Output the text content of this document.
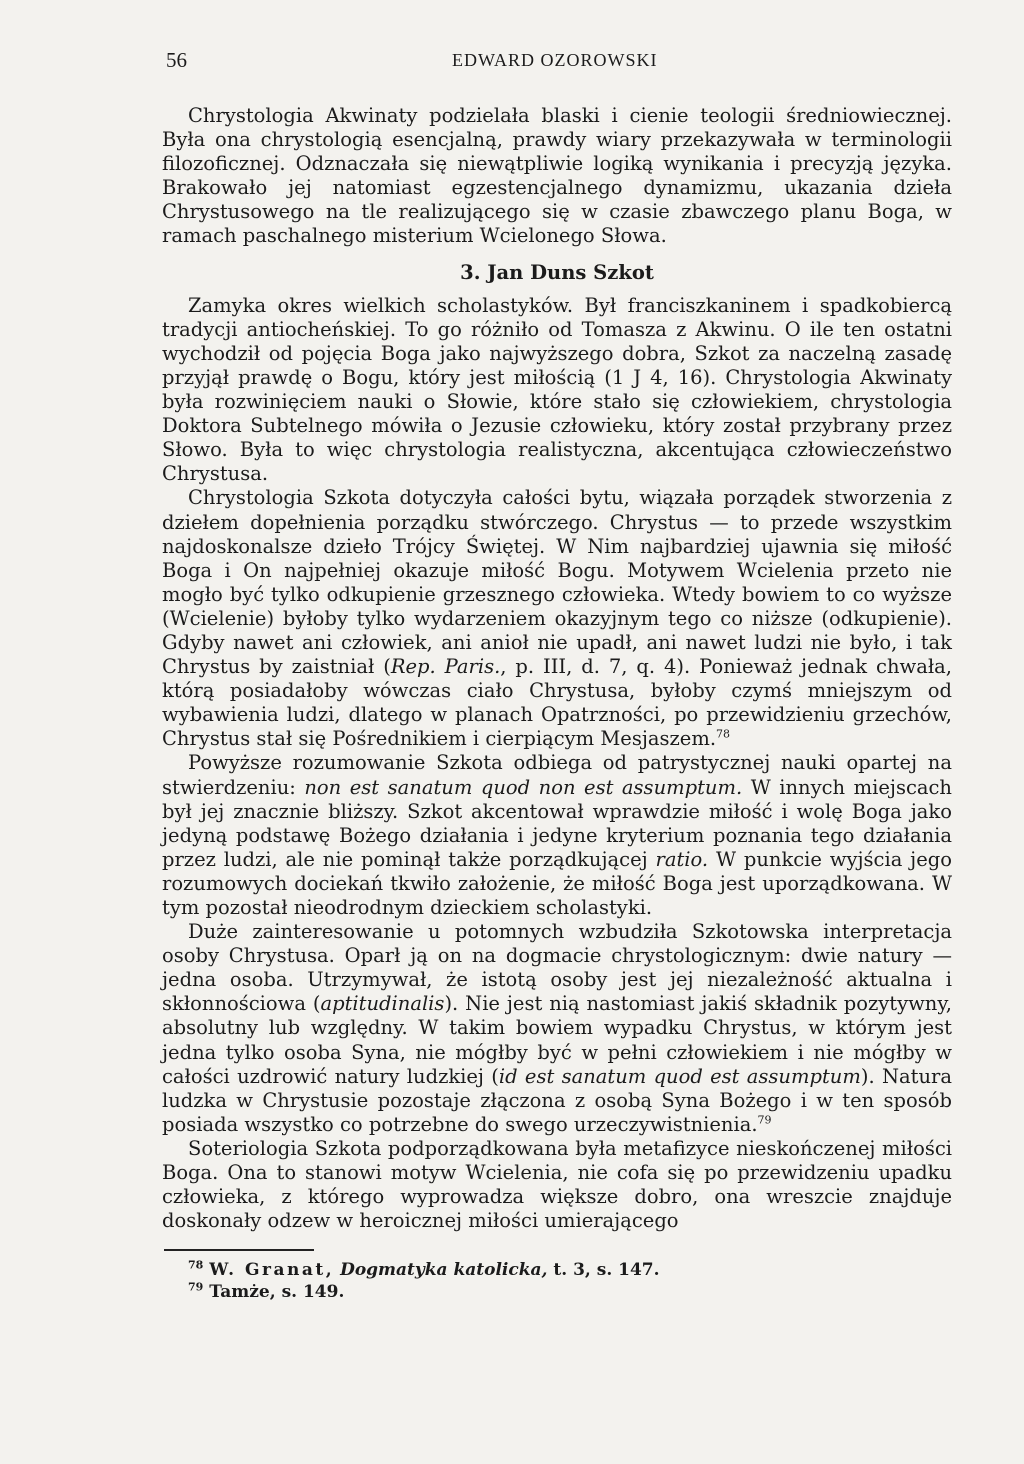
56	EDWARD OZOROWSKI

Chrystologia Akwinaty podzielała blaski i cienie teologii średniowiecznej. Była ona chrystologią esencjalną, prawdy wiary przekazywała w terminologii filozoficznej. Odznaczała się niewątpliwie logiką wynikania i precyzją języka. Brakowało jej natomiast egzestencjalnego dynamizmu, ukazania dzieła Chrystusowego na tle realizującego się w czasie zbawczego planu Boga, w ramach paschalnego misterium Wcielonego Słowa.

3. Jan Duns Szkot

Zamyka okres wielkich scholastyków. Był franciszkaninem i spadkobiercą tradycji antiocheńskiej. To go różniło od Tomasza z Akwinu. O ile ten ostatni wychodził od pojęcia Boga jako najwyższego dobra, Szkot za naczelną zasadę przyjął prawdę o Bogu, który jest miłością (1 J 4, 16). Chrystologia Akwinaty była rozwinięciem nauki o Słowie, które stało się człowiekiem, chrystologia Doktora Subtelnego mówiła o Jezusie człowieku, który został przybrany przez Słowo. Była to więc chrystologia realistyczna, akcentująca człowieczeństwo Chrystusa.

Chrystologia Szkota dotyczyła całości bytu, wiązała porządek stworzenia z dziełem dopełnienia porządku stwórczego. Chrystus — to przede wszystkim najdoskonalsze dzieło Trójcy Świętej. W Nim najbardziej ujawnia się miłość Boga i On najpełniej okazuje miłość Bogu. Motywem Wcielenia przeto nie mogło być tylko odkupienie grzesznego człowieka. Wtedy bowiem to co wyższe (Wcielenie) byłoby tylko wydarzeniem okazyjnym tego co niższe (odkupienie). Gdyby nawet ani człowiek, ani anioł nie upadł, ani nawet ludzi nie było, i tak Chrystus by zaistniał (Rep. Paris., p. III, d. 7, q. 4). Ponieważ jednak chwała, którą posiadałoby wówczas ciało Chrystusa, byłoby czymś mniejszym od wybawienia ludzi, dlatego w planach Opatrzności, po przewidzieniu grzechów, Chrystus stał się Pośrednikiem i cierpiącym Mesjaszem.$^{78}$

Powyższe rozumowanie Szkota odbiega od patrystycznej nauki opartej na stwierdzeniu: non est sanatum quod non est assumptum. W innych miejscach był jej znacznie bliższy. Szkot akcentował wprawdzie miłość i wolę Boga jako jedyną podstawę Bożego działania i jedyne kryterium poznania tego działania przez ludzi, ale nie pominął także porządkującej ratio. W punkcie wyjścia jego rozumowych dociekań tkwiło założenie, że miłość Boga jest uporządkowana. W tym pozostał nieodrodnym dzieckiem scholastyki.

Duże zainteresowanie u potomnych wzbudziła Szkotowska interpretacja osoby Chrystusa. Oparł ją on na dogmacie chrystologicznym: dwie natury — jedna osoba. Utrzymywał, że istotą osoby jest jej niezależność aktualna i skłonnościowa (aptitudinalis). Nie jest nią nastomiast jakiś składnik pozytywny, absolutny lub względny. W takim bowiem wypadku Chrystus, w którym jest jedna tylko osoba Syna, nie mógłby być w pełni człowiekiem i nie mógłby w całości uzdrowić natury ludzkiej (id est sanatum quod est assumptum). Natura ludzka w Chrystusie pozostaje złączona z osobą Syna Bożego i w ten sposób posiada wszystko co potrzebne do swego urzeczywistnienia.$^{79}$

Soteriologia Szkota podporządkowana była metafizyce nieskończenej miłości Boga. Ona to stanowi motyw Wcielenia, nie cofa się po przewidzeniu upadku człowieka, z którego wyprowadza większe dobro, ona wreszcie znajduje doskonały odzew w heroicznej miłości umierającego

$^{78}$ W. Granat, Dogmatyka katolicka, t. 3, s. 147.

$^{79}$ Tamże, s. 149.
